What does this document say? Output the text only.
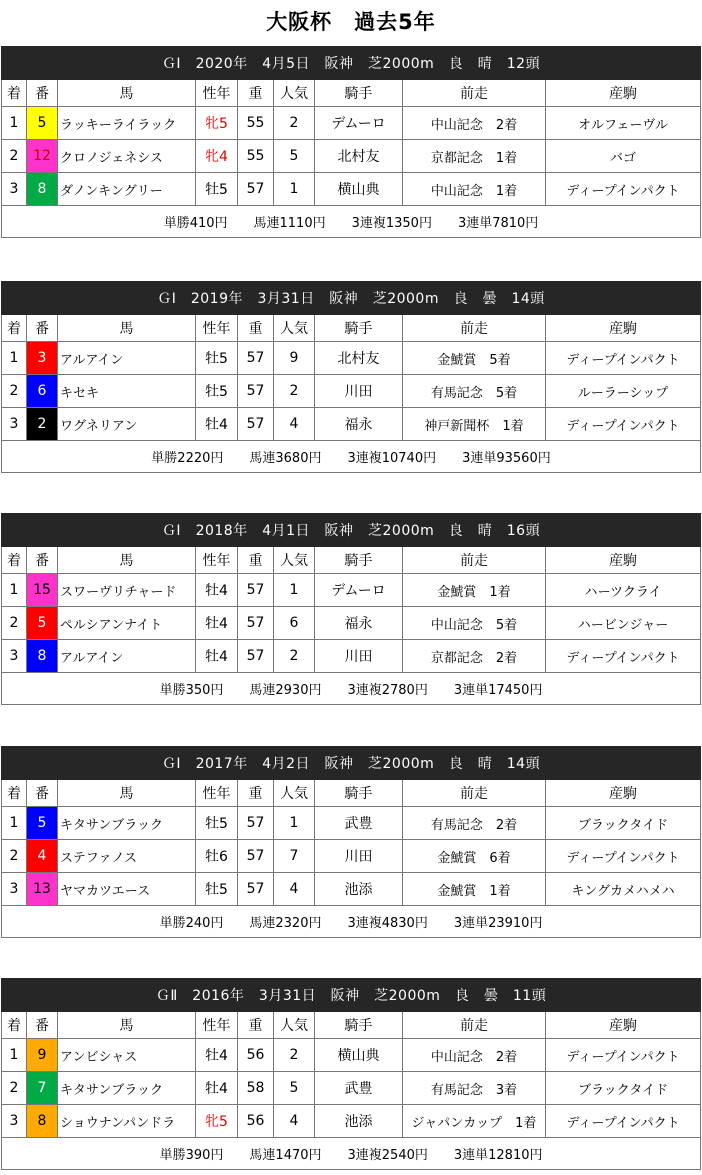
大阪杯　過去5年
ＧⅠ　2020年　4月5日　阪神　芝2000m　良　晴　12頭								
着	番	馬	性年	重	人気	騎手	前走	産駒
1	5	ラッキーライラック	牝5	55	2	デムーロ	中山記念　2着	オルフェーヴル
2	12	クロノジェネシス	牝4	55	5	北村友	京都記念　1着	バゴ
3	8	ダノンキングリー	牡5	57	1	横山典	中山記念　1着	ディープインパクト
単勝410円　　馬連1110円　　3連複1350円　　3連単7810円								
ＧⅠ　2019年　3月31日　阪神　芝2000m　良　曇　14頭								
着	番	馬	性年	重	人気	騎手	前走	産駒
1	3	アルアイン	牡5	57	9	北村友	金鯱賞　5着	ディープインパクト
2	6	キセキ	牡5	57	2	川田	有馬記念　5着	ルーラーシップ
3	2	ワグネリアン	牡4	57	4	福永	神戸新聞杯　1着	ディープインパクト
単勝2220円　　馬連3680円　　3連複10740円　　3連単93560円								
ＧⅠ　2018年　4月1日　阪神　芝2000m　良　晴　16頭								
着	番	馬	性年	重	人気	騎手	前走	産駒
1	15	スワーヴリチャード	牡4	57	1	デムーロ	金鯱賞　1着	ハーツクライ
2	5	ペルシアンナイト	牡4	57	6	福永	中山記念　5着	ハービンジャー
3	8	アルアイン	牡4	57	2	川田	京都記念　2着	ディープインパクト
単勝350円　　馬連2930円　　3連複2780円　　3連単17450円								
ＧⅠ　2017年　4月2日　阪神　芝2000m　良　晴　14頭								
着	番	馬	性年	重	人気	騎手	前走	産駒
1	5	キタサンブラック	牡5	57	1	武豊	有馬記念　2着	ブラックタイド
2	4	ステファノス	牡6	57	7	川田	金鯱賞　6着	ディープインパクト
3	13	ヤマカツエース	牡5	57	4	池添	金鯱賞　1着	キングカメハメハ
単勝240円　　馬連2320円　　3連複4830円　　3連単23910円								
ＧⅡ　2016年　3月31日　阪神　芝2000m　良　曇　11頭								
着	番	馬	性年	重	人気	騎手	前走	産駒
1	9	アンビシャス	牡4	56	2	横山典	中山記念　2着	ディープインパクト
2	7	キタサンブラック	牡4	58	5	武豊	有馬記念　3着	ブラックタイド
3	8	ショウナンパンドラ	牝5	56	4	池添	ジャパンカップ　1着	ディープインパクト
単勝390円　　馬連1470円　　3連複2540円　　3連単12810円								
